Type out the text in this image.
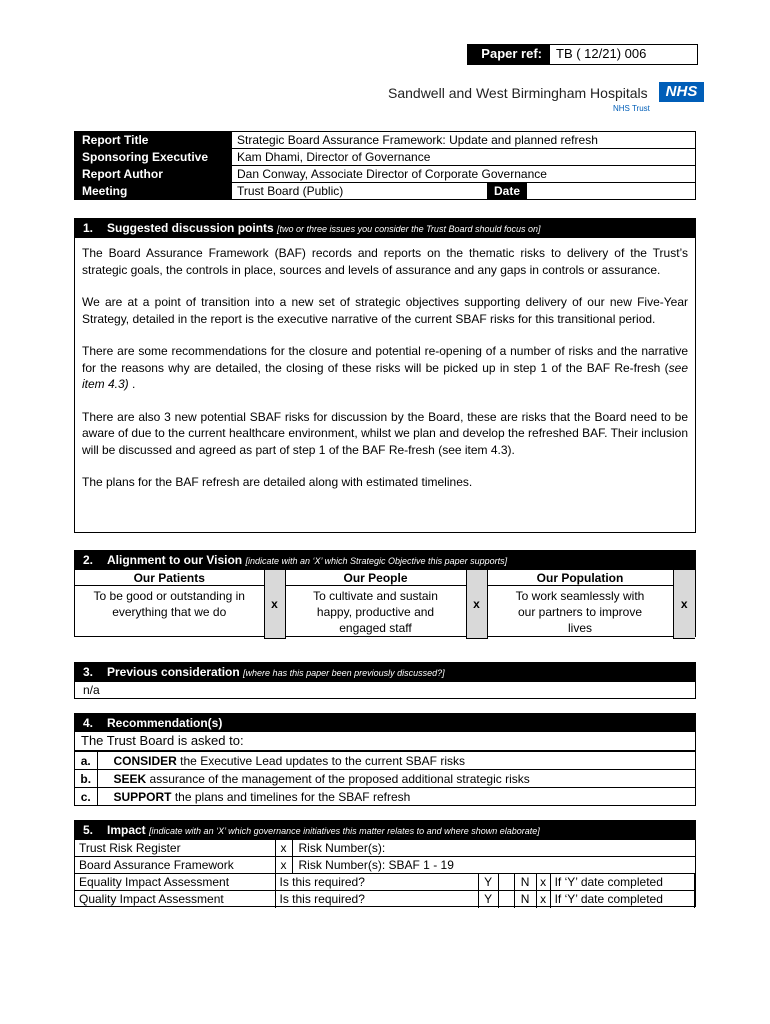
Paper ref:	TB ( 12/21) 006
Sandwell and West Birmingham Hospitals	NHS
NHS Trust
Report Title	Strategic Board Assurance Framework: Update and planned refresh	
Sponsoring Executive	Kam Dhami, Director of Governance	
Report Author	Dan Conway, Associate Director of Corporate Governance	
Meeting	Trust Board (Public)	Date
1. Suggested discussion points [two or three issues you consider the Trust Board should focus on]

The Board Assurance Framework (BAF) records and reports on the thematic risks to delivery of the Trust’s strategic goals, the controls in place, sources and levels of assurance and any gaps in controls or assurance.

We are at a point of transition into a new set of strategic objectives supporting delivery of our new Five-Year Strategy, detailed in the report is the executive narrative of the current SBAF risks for this transitional period.

There are some recommendations for the closure and potential re-opening of a number of risks and the narrative for the reasons why are detailed, the closing of these risks will be picked up in step 1 of the BAF Re-fresh (see item 4.3) .

There are also 3 new potential SBAF risks for discussion by the Board, these are risks that the Board need to be aware of due to the current healthcare environment, whilst we plan and develop the refreshed BAF. Their inclusion will be discussed and agreed as part of step 1 of the BAF Re-fresh (see item 4.3).

The plans for the BAF refresh are detailed along with estimated timelines.

2. Alignment to our Vision [indicate with an ‘X’ which Strategic Objective this paper supports]
Our Patients	x	Our People	x	Our Population	x
To be good or outstanding in everything that we do		To cultivate and sustain happy, productive and engaged staff		To work seamlessly with our partners to improve lives	
3. Previous consideration [where has this paper been previously discussed?]
n/a
4. Recommendation(s)
The Trust Board is asked to:
a.	CONSIDER the Executive Lead updates to the current SBAF risks
b.	SEEK assurance of the management of the proposed additional strategic risks
c.	SUPPORT the plans and timelines for the SBAF refresh
5. Impact [indicate with an ‘X’ which governance initiatives this matter relates to and where shown elaborate]
Trust Risk Register	x	Risk Number(s):						
Board Assurance Framework	x	Risk Number(s): SBAF 1 - 19						
Equality Impact Assessment	Is this required?		Y		N	x	If ‘Y’ date completed	
Quality Impact Assessment	Is this required?		Y		N	x	If ‘Y’ date completed	
